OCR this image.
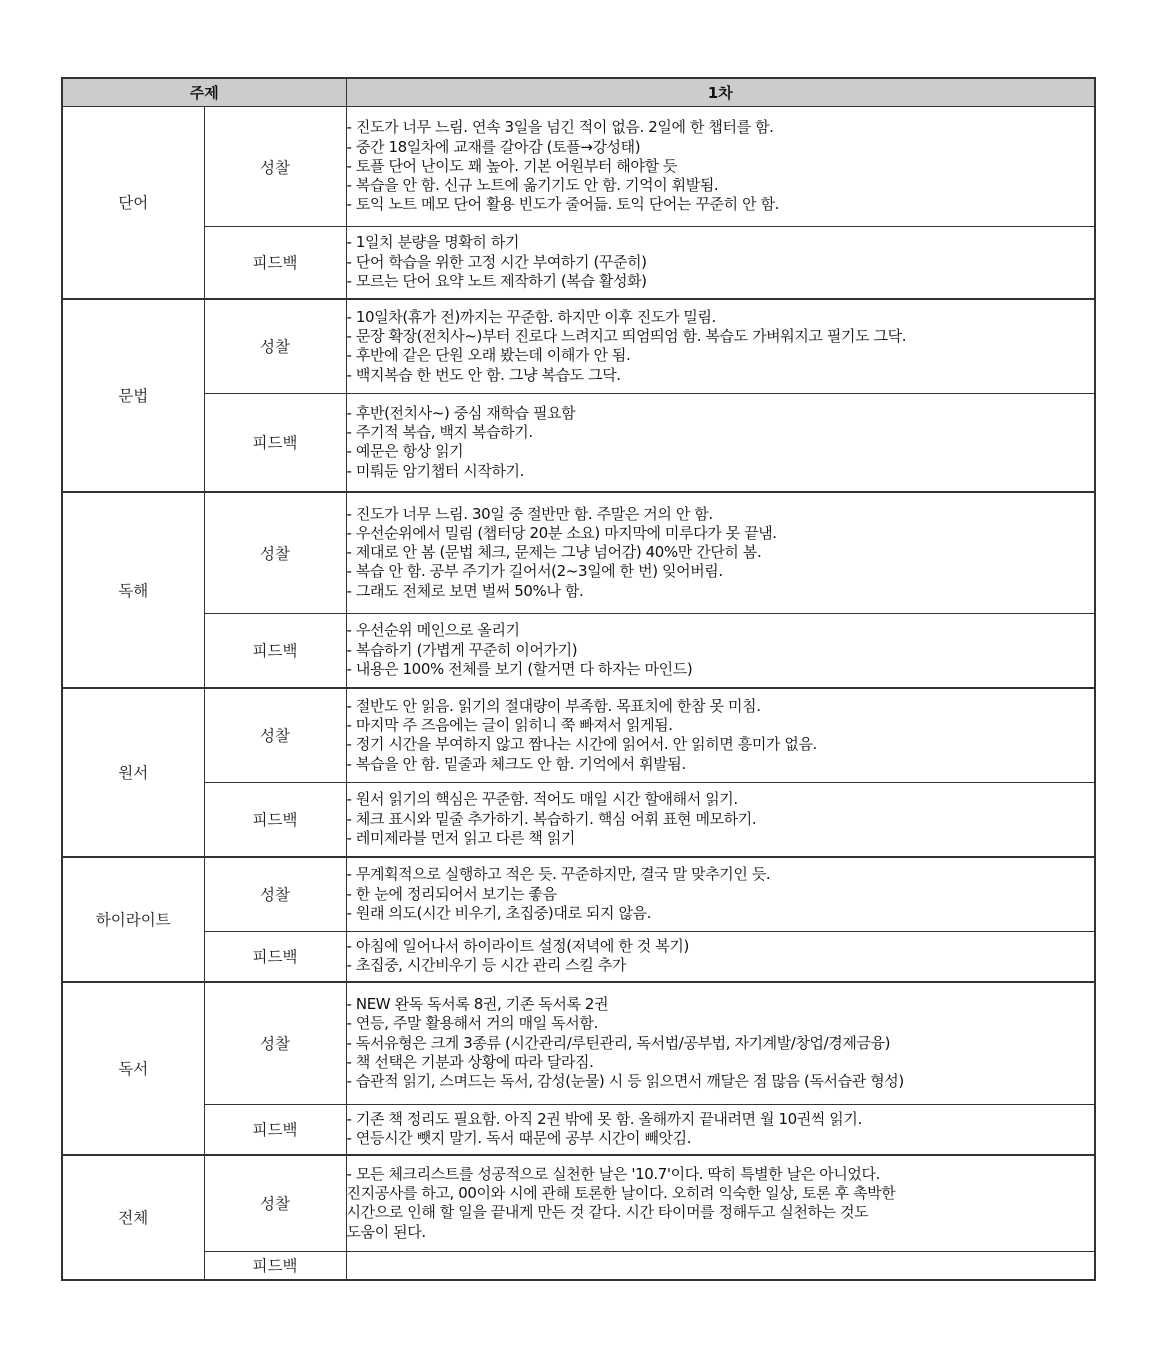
주제		1차
단어	성찰	- 진도가 너무 느림. 연속 3일을 넘긴 적이 없음. 2일에 한 챕터를 함.
- 중간 18일차에 교재를 갈아감 (토플→강성태)
- 토플 단어 난이도 꽤 높아. 기본 어원부터 해야할 듯
- 복습을 안 함. 신규 노트에 옮기기도 안 함. 기억이 휘발됨.
- 토익 노트 메모 단어 활용 빈도가 줄어듦. 토익 단어는 꾸준히 안 함.

	피드백	- 1일치 분량을 명확히 하기
- 단어 학습을 위한 고정 시간 부여하기 (꾸준히)
- 모르는 단어 요약 노트 제작하기 (복습 활성화)

문법	성찰	- 10일차(휴가 전)까지는 꾸준함. 하지만 이후 진도가 밀림.
- 문장 확장(전치사~)부터 진로다 느려지고 띄엄띄엄 함. 복습도 가벼워지고 필기도 그닥.
- 후반에 같은 단원 오래 봤는데 이해가 안 됨.
- 백지복습 한 번도 안 함. 그냥 복습도 그닥.

	피드백	- 후반(전치사~) 중심 재학습 필요함
- 주기적 복습, 백지 복습하기.
- 예문은 항상 읽기
- 미뤄둔 암기챕터 시작하기.

독해	성찰	- 진도가 너무 느림. 30일 중 절반만 함. 주말은 거의 안 함.
- 우선순위에서 밀림 (챕터당 20분 소요) 마지막에 미루다가 못 끝냄.
- 제대로 안 봄 (문법 체크, 문제는 그냥 넘어감) 40%만 간단히 봄.
- 복습 안 함. 공부 주기가 길어서(2~3일에 한 번) 잊어버림.
- 그래도 전체로 보면 벌써 50%나 함.

	피드백	- 우선순위 메인으로 올리기
- 복습하기 (가볍게 꾸준히 이어가기)
- 내용은 100% 전체를 보기 (할거면 다 하자는 마인드)

원서	성찰	- 절반도 안 읽음. 읽기의 절대량이 부족함. 목표치에 한참 못 미침.
- 마지막 주 즈음에는 글이 읽히니 쭉 빠져서 읽게됨.
- 정기 시간을 부여하지 않고 짬나는 시간에 읽어서. 안 읽히면 흥미가 없음.
- 복습을 안 함. 밑줄과 체크도 안 함. 기억에서 휘발됨.

	피드백	- 원서 읽기의 핵심은 꾸준함. 적어도 매일 시간 할애해서 읽기.
- 체크 표시와 밑줄 추가하기. 복습하기. 핵심 어휘 표현 메모하기.
- 레미제라블 먼저 읽고 다른 책 읽기

하이라이트	성찰	- 무계획적으로 실행하고 적은 듯. 꾸준하지만, 결국 말 맞추기인 듯.
- 한 눈에 정리되어서 보기는 좋음
- 원래 의도(시간 비우기, 초집중)대로 되지 않음.

	피드백	- 아침에 일어나서 하이라이트 설정(저녁에 한 것 복기)
- 초집중, 시간비우기 등 시간 관리 스킬 추가

독서	성찰	- NEW 완독 독서록 8권, 기존 독서록 2권
- 연등, 주말 활용해서 거의 매일 독서함.
- 독서유형은 크게 3종류 (시간관리/루틴관리, 독서법/공부법, 자기계발/창업/경제금융)
- 책 선택은 기분과 상황에 따라 달라짐.
- 습관적 읽기, 스며드는 독서, 감성(눈물) 시 등 읽으면서 깨달은 점 많음 (독서습관 형성)

	피드백	- 기존 책 정리도 필요함. 아직 2권 밖에 못 함. 올해까지 끝내려면 월 10권씩 읽기.
- 연등시간 뺏지 말기. 독서 때문에 공부 시간이 빼앗김.

전체	성찰	- 모든 체크리스트를 성공적으로 실천한 날은 '10.7'이다. 딱히 특별한 날은 아니었다.
진지공사를 하고, 00이와 시에 관해 토론한 날이다. 오히려 익숙한 일상, 토론 후 촉박한
시간으로 인해 할 일을 끝내게 만든 것 같다. 시간 타이머를 정해두고 실천하는 것도
도움이 된다.

	피드백	
